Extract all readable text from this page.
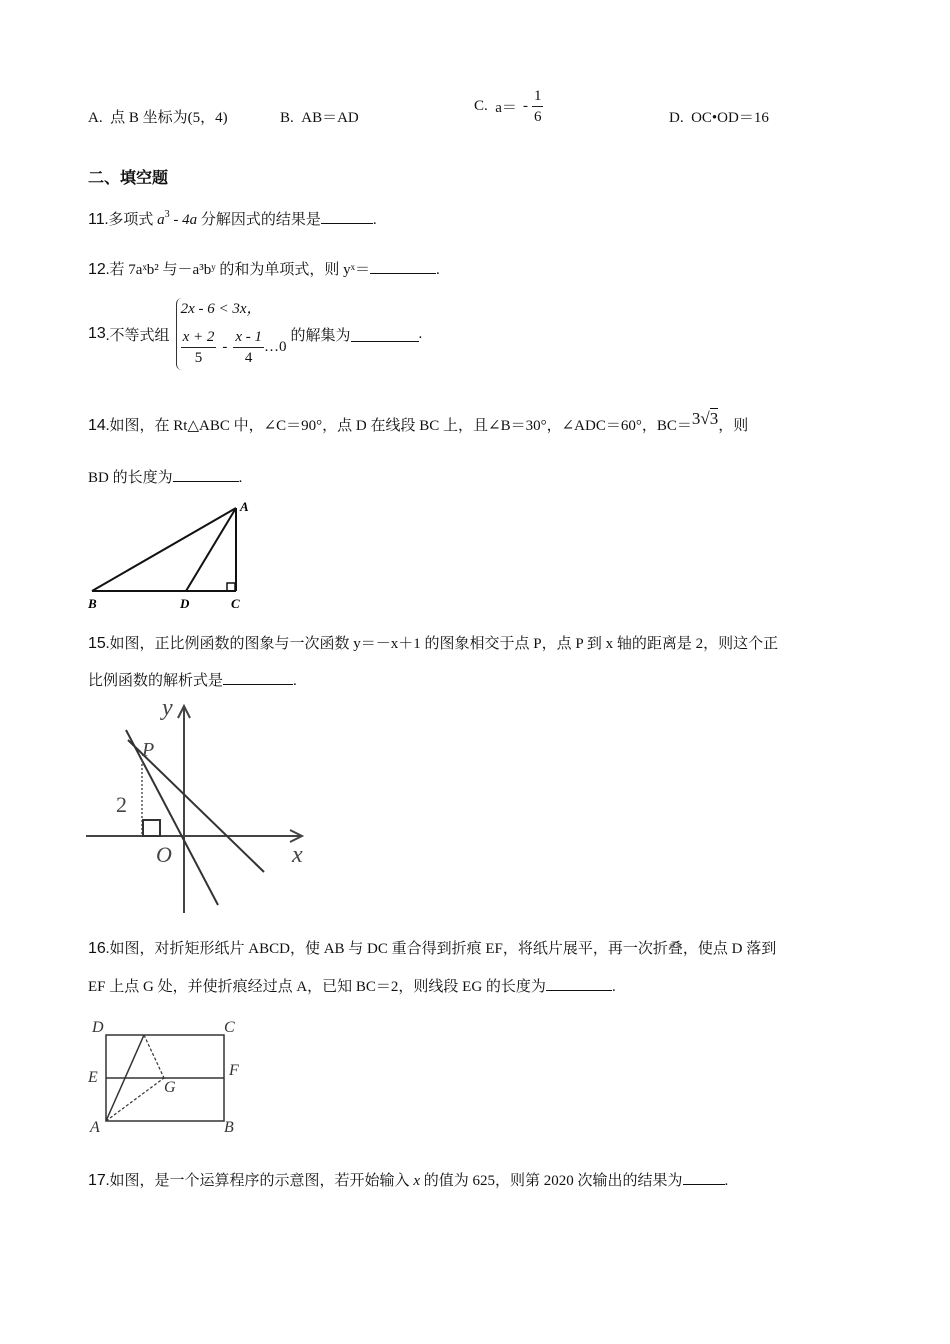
A. 点 B 坐标为(5，4)	B. AB＝AD
C.
$a= - \frac{1}{6}$	D. OC•OD＝16
二、填空题
11.多项式 $a^3 - 4a$ 分解因式的结果是	.
12.若 7aˣb² 与－a³bʸ 的和为单项式，则 yˣ＝	.
13 .不等式组
2x - 6 < 3x，
$\frac{x + 2}{5} - \frac{x - 1}{4}$ …0
的解集为	.
14.如图，在 Rt△ABC 中，∠C＝90°，点 D 在线段 BC 上，且∠B＝30°，∠ADC＝60°，BC＝3√3，则
BD 的长度为	.
A
B	D	C
15.如图，正比例函数的图象与一次函数 y＝－x＋1 的图象相交于点 P，点 P 到 x 轴的距离是 2，则这个正
比例函数的解析式是	.
y
x
O
P
2
16.如图，对折矩形纸片 ABCD，使 AB 与 DC 重合得到折痕 EF，将纸片展平，再一次折叠，使点 D 落到
EF 上点 G 处，并使折痕经过点 A，已知 BC＝2，则线段 EG 的长度为	.
D	C
E	F
G
A	B
17.如图，是一个运算程序的示意图，若开始输入 x 的值为 625，则第 2020 次输出的结果为	.
